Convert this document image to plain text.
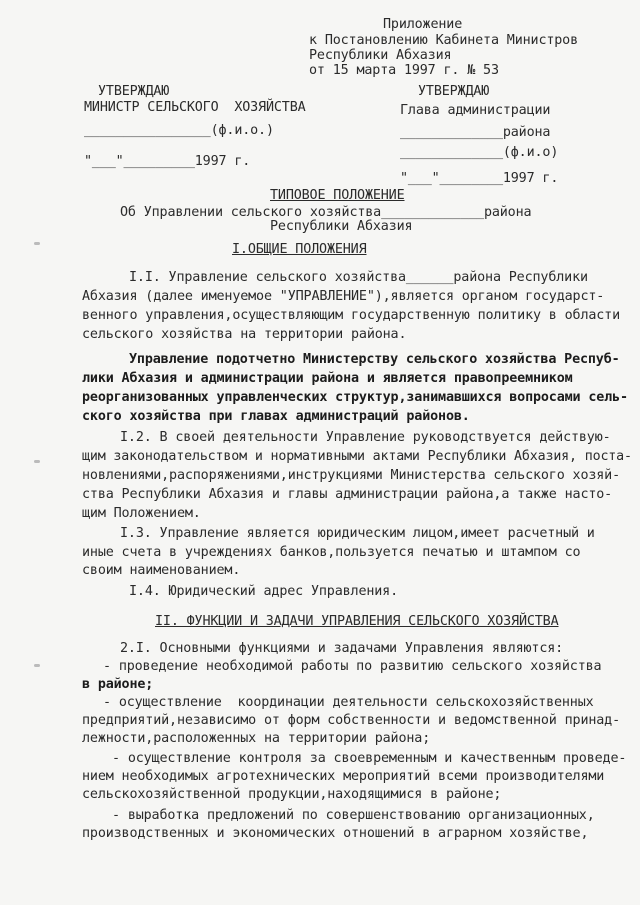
Приложение
к Постановлению Кабинета Министров
Республики Абхазия
от 15 марта 1997 г. № 53
УТВЕРЖДАЮ
МИНИСТР СЕЛЬСКОГО  ХОЗЯЙСТВА
________________(ф.и.о.)
"___"_________1997 г.
УТВЕРЖДАЮ
Глава администрации
_____________района
_____________(ф.и.о)
"___"________1997 г.
ТИПОВОЕ ПОЛОЖЕНИЕ
Об Управлении сельского хозяйства_____________района
Республики Абхазия
I.ОБЩИЕ ПОЛОЖЕНИЯ
I.I. Управление сельского хозяйства______района Республики
Абхазия (далее именуемое "УПРАВЛЕНИЕ"),является органом государст-
венного управления,осуществляющим государственную политику в области
сельского хозяйства на территории района.
Управление подотчетно Министерству сельского хозяйства Респуб-
лики Абхазия и администрации района и является правопреемником
реорганизованных управленческих структур,занимавшихся вопросами сель-
ского хозяйства при главах администраций районов.
I.2. В своей деятельности Управление руководствуется действую-
щим законодательством и нормативными актами Республики Абхазия, поста-
новлениями,распоряжениями,инструкциями Министерства сельского хозяй-
ства Республики Абхазия и главы администрации района,а также насто-
щим Положением.
I.3. Управление является юридическим лицом,имеет расчетный и
иные счета в учреждениях банков,пользуется печатью и штампом со
своим наименованием.
I.4. Юридический адрес Управления.
II. ФУНКЦИИ И ЗАДАЧИ УПРАВЛЕНИЯ СЕЛЬСКОГО ХОЗЯЙСТВА
2.I. Основными функциями и задачами Управления являются:
- проведение необходимой работы по развитию сельского хозяйства
в районе;
- осуществление  координации деятельности сельскохозяйственных
предприятий,независимо от форм собственности и ведомственной принад-
лежности,расположенных на территории района;
- осуществление контроля за своевременным и качественным проведе-
нием необходимых агротехнических мероприятий всеми производителями
сельскохозяйственной продукции,находящимися в районе;
- выработка предложений по совершенствованию организационных,
производственных и экономических отношений в аграрном хозяйстве,
